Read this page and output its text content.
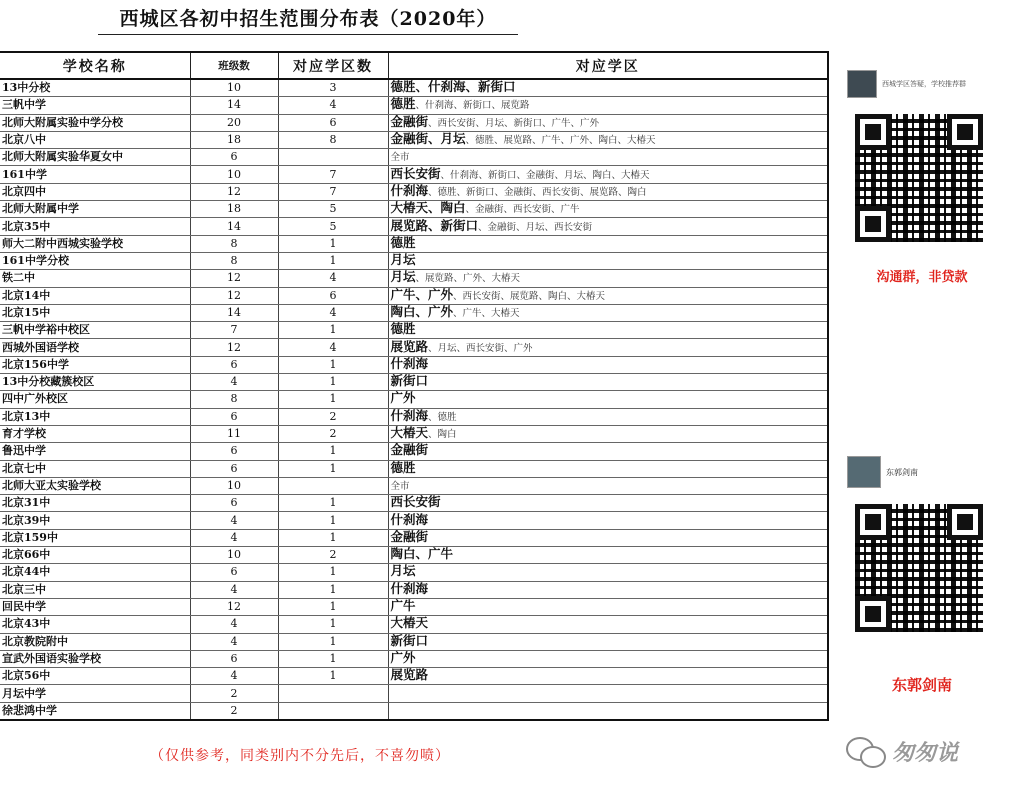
西城区各初中招生范围分布表（2020年）
学校名称	班级数	对应学区数	对应学区
13中分校	10	3	德胜、什刹海、新街口
三帆中学	14	4	德胜、什刹海、新街口、展览路
北师大附属实验中学分校	20	6	金融街、西长安街、月坛、新街口、广牛、广外
北京八中	18	8	金融街、月坛、德胜、展览路、广牛、广外、陶白、大椿天
北师大附属实验华夏女中	6		全市
161中学	10	7	西长安街、什刹海、新街口、金融街、月坛、陶白、大椿天
北京四中	12	7	什刹海、德胜、新街口、金融街、西长安街、展览路、陶白
北师大附属中学	18	5	大椿天、陶白、金融街、西长安街、广牛
北京35中	14	5	展览路、新街口、金融街、月坛、西长安街
师大二附中西城实验学校	8	1	德胜
161中学分校	8	1	月坛
铁二中	12	4	月坛、展览路、广外、大椿天
北京14中	12	6	广牛、广外、西长安街、展览路、陶白、大椿天
北京15中	14	4	陶白、广外、广牛、大椿天
三帆中学裕中校区	7	1	德胜
西城外国语学校	12	4	展览路、月坛、西长安街、广外
北京156中学	6	1	什刹海
13中分校藏簇校区	4	1	新街口
四中广外校区	8	1	广外
北京13中	6	2	什刹海、德胜
育才学校	11	2	大椿天、陶白
鲁迅中学	6	1	金融街
北京七中	6	1	德胜
北师大亚太实验学校	10		全市
北京31中	6	1	西长安街
北京39中	4	1	什刹海
北京159中	4	1	金融街
北京66中	10	2	陶白、广牛
北京44中	6	1	月坛
北京三中	4	1	什刹海
回民中学	12	1	广牛
北京43中	4	1	大椿天
北京教院附中	4	1	新街口
宣武外国语实验学校	6	1	广外
北京56中	4	1	展览路
月坛中学	2		
徐悲鸿中学	2		
西城学区答疑，学校推荐群
沟通群，非贷款
东郭剑南
东郭剑南
（仅供参考，同类别内不分先后，不喜勿喷）	匆匆说
